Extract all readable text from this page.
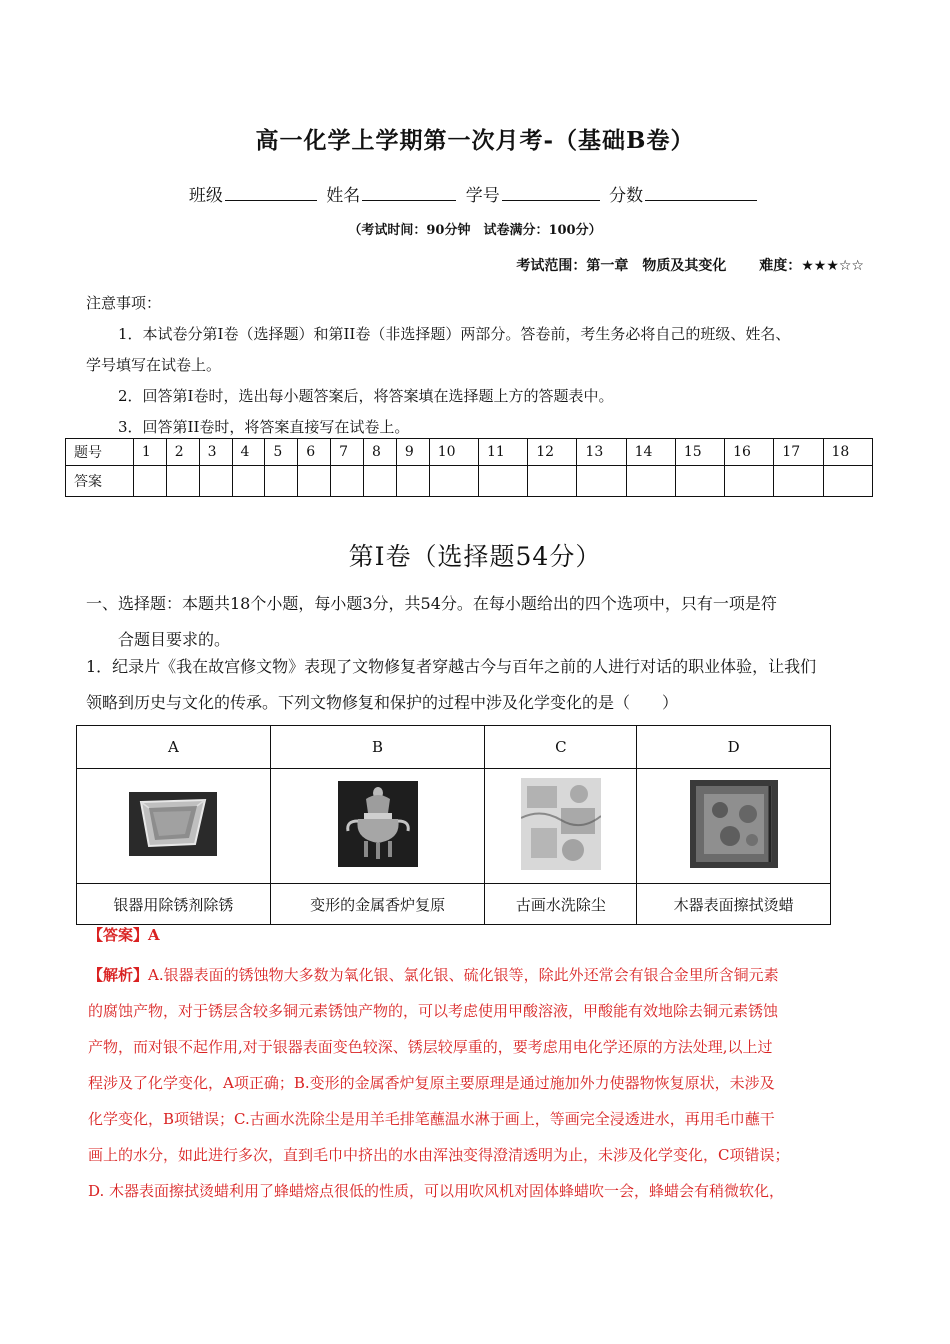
高一化学上学期第一次月考-（基础B卷）
班级	姓名	学号	分数
（考试时间：90分钟　试卷满分：100分）
考试范围：第一章　物质及其变化 难度：★★★☆☆

注意事项：

1．本试卷分第I卷（选择题）和第II卷（非选择题）两部分。答卷前，考生务必将自己的班级、姓名、

学号填写在试卷上。

2．回答第I卷时，选出每小题答案后，将答案填在选择题上方的答题表中。

3．回答第II卷时，将答案直接写在试卷上。

题号	1	2	3	4	5	6	7	8	9	10	11	12	13	14	15	16	17	18
答案																		
第Ⅰ卷（选择题54分）

一、选择题：本题共18个小题，每小题3分，共54分。在每小题给出的四个选项中，只有一项是符

合题目要求的。

1．纪录片《我在故宫修文物》表现了文物修复者穿越古今与百年之前的人进行对话的职业体验，让我们

领略到历史与文化的传承。下列文物修复和保护的过程中涉及化学变化的是（　　）

A	B	C	D

银器用除锈剂除锈	变形的金属香炉复原	古画水洗除尘	木器表面擦拭烫蜡
【答案】A

【解析】A.银器表面的锈蚀物大多数为氧化银、氯化银、硫化银等，除此外还常会有银合金里所含铜元素

的腐蚀产物，对于锈层含较多铜元素锈蚀产物的，可以考虑使用甲酸溶液，甲酸能有效地除去铜元素锈蚀

产物，而对银不起作用,对于银器表面变色较深、锈层较厚重的，要考虑用电化学还原的方法处理,以上过

程涉及了化学变化，A项正确；B.变形的金属香炉复原主要原理是通过施加外力使器物恢复原状，未涉及

化学变化，B项错误；C.古画水洗除尘是用羊毛排笔蘸温水淋于画上，等画完全浸透进水，再用毛巾蘸干

画上的水分，如此进行多次，直到毛巾中挤出的水由浑浊变得澄清透明为止，未涉及化学变化，C项错误；

D. 木器表面擦拭烫蜡利用了蜂蜡熔点很低的性质，可以用吹风机对固体蜂蜡吹一会，蜂蜡会有稍微软化，
